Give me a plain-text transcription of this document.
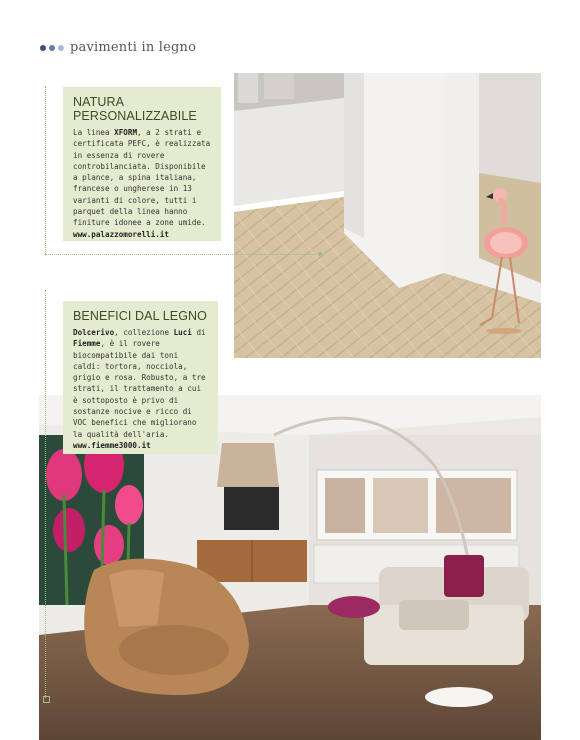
pavimenti in legno
NATURA PERSONALIZZABILE

La linea XFORM, a 2 strati e certificata PEFC, è realizzata in essenza di rovere controbilanciata. Disponibile a plance, a spina italiana, francese o ungherese in 13 varianti di colore, tutti i parquet della linea hanno finiture idonee a zone umide.
www.palazzomorelli.it

BENEFICI DAL LEGNO

Dolcerivo, collezione Luci di Fiemme, è il rovere biocompatibile dai toni caldi: tortora, nocciola, grigio e rosa. Robusto, a tre strati, il trattamento a cui è sottoposto è privo di sostanze nocive e ricco di VOC benefici che migliorano la qualità dell'aria.
www.fiemme3000.it
